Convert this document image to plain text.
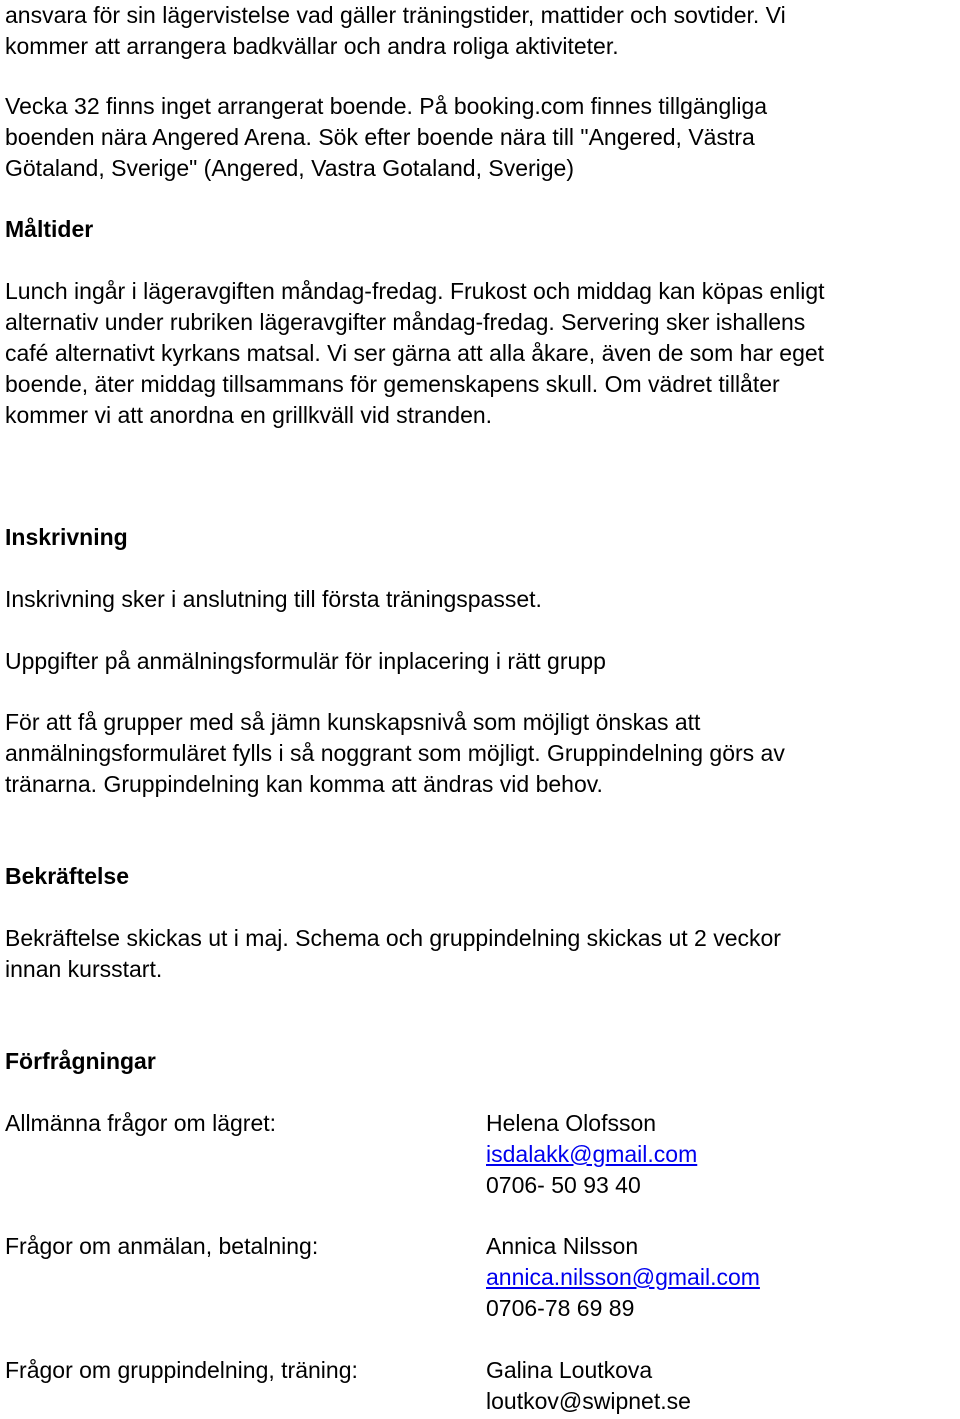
ansvara för sin lägervistelse vad gäller träningstider, mattider och sovtider. Vi
kommer att arrangera badkvällar och andra roliga aktiviteter.
Vecka 32 finns inget arrangerat boende. På booking.com finnes tillgängliga
boenden nära Angered Arena. Sök efter boende nära till "Angered, Västra
Götaland, Sverige" (Angered, Vastra Gotaland, Sverige)
Måltider
Lunch ingår i lägeravgiften måndag-fredag. Frukost och middag kan köpas enligt
alternativ under rubriken lägeravgifter måndag-fredag. Servering sker ishallens
café alternativt kyrkans matsal. Vi ser gärna att alla åkare, även de som har eget
boende, äter middag tillsammans för gemenskapens skull. Om vädret tillåter
kommer vi att anordna en grillkväll vid stranden.
Inskrivning
Inskrivning sker i anslutning till första träningspasset.
Uppgifter på anmälningsformulär för inplacering i rätt grupp
För att få grupper med så jämn kunskapsnivå som möjligt önskas att
anmälningsformuläret fylls i så noggrant som möjligt. Gruppindelning görs av
tränarna. Gruppindelning kan komma att ändras vid behov.
Bekräftelse
Bekräftelse skickas ut i maj. Schema och gruppindelning skickas ut 2 veckor
innan kursstart.
Förfrågningar
Allmänna frågor om lägret:	Helena Olofsson
isdalakk@gmail.com
0706- 50 93 40
Frågor om anmälan, betalning:	Annica Nilsson
annica.nilsson@gmail.com
0706-78 69 89
Frågor om gruppindelning, träning:	Galina Loutkova
loutkov@swipnet.se
